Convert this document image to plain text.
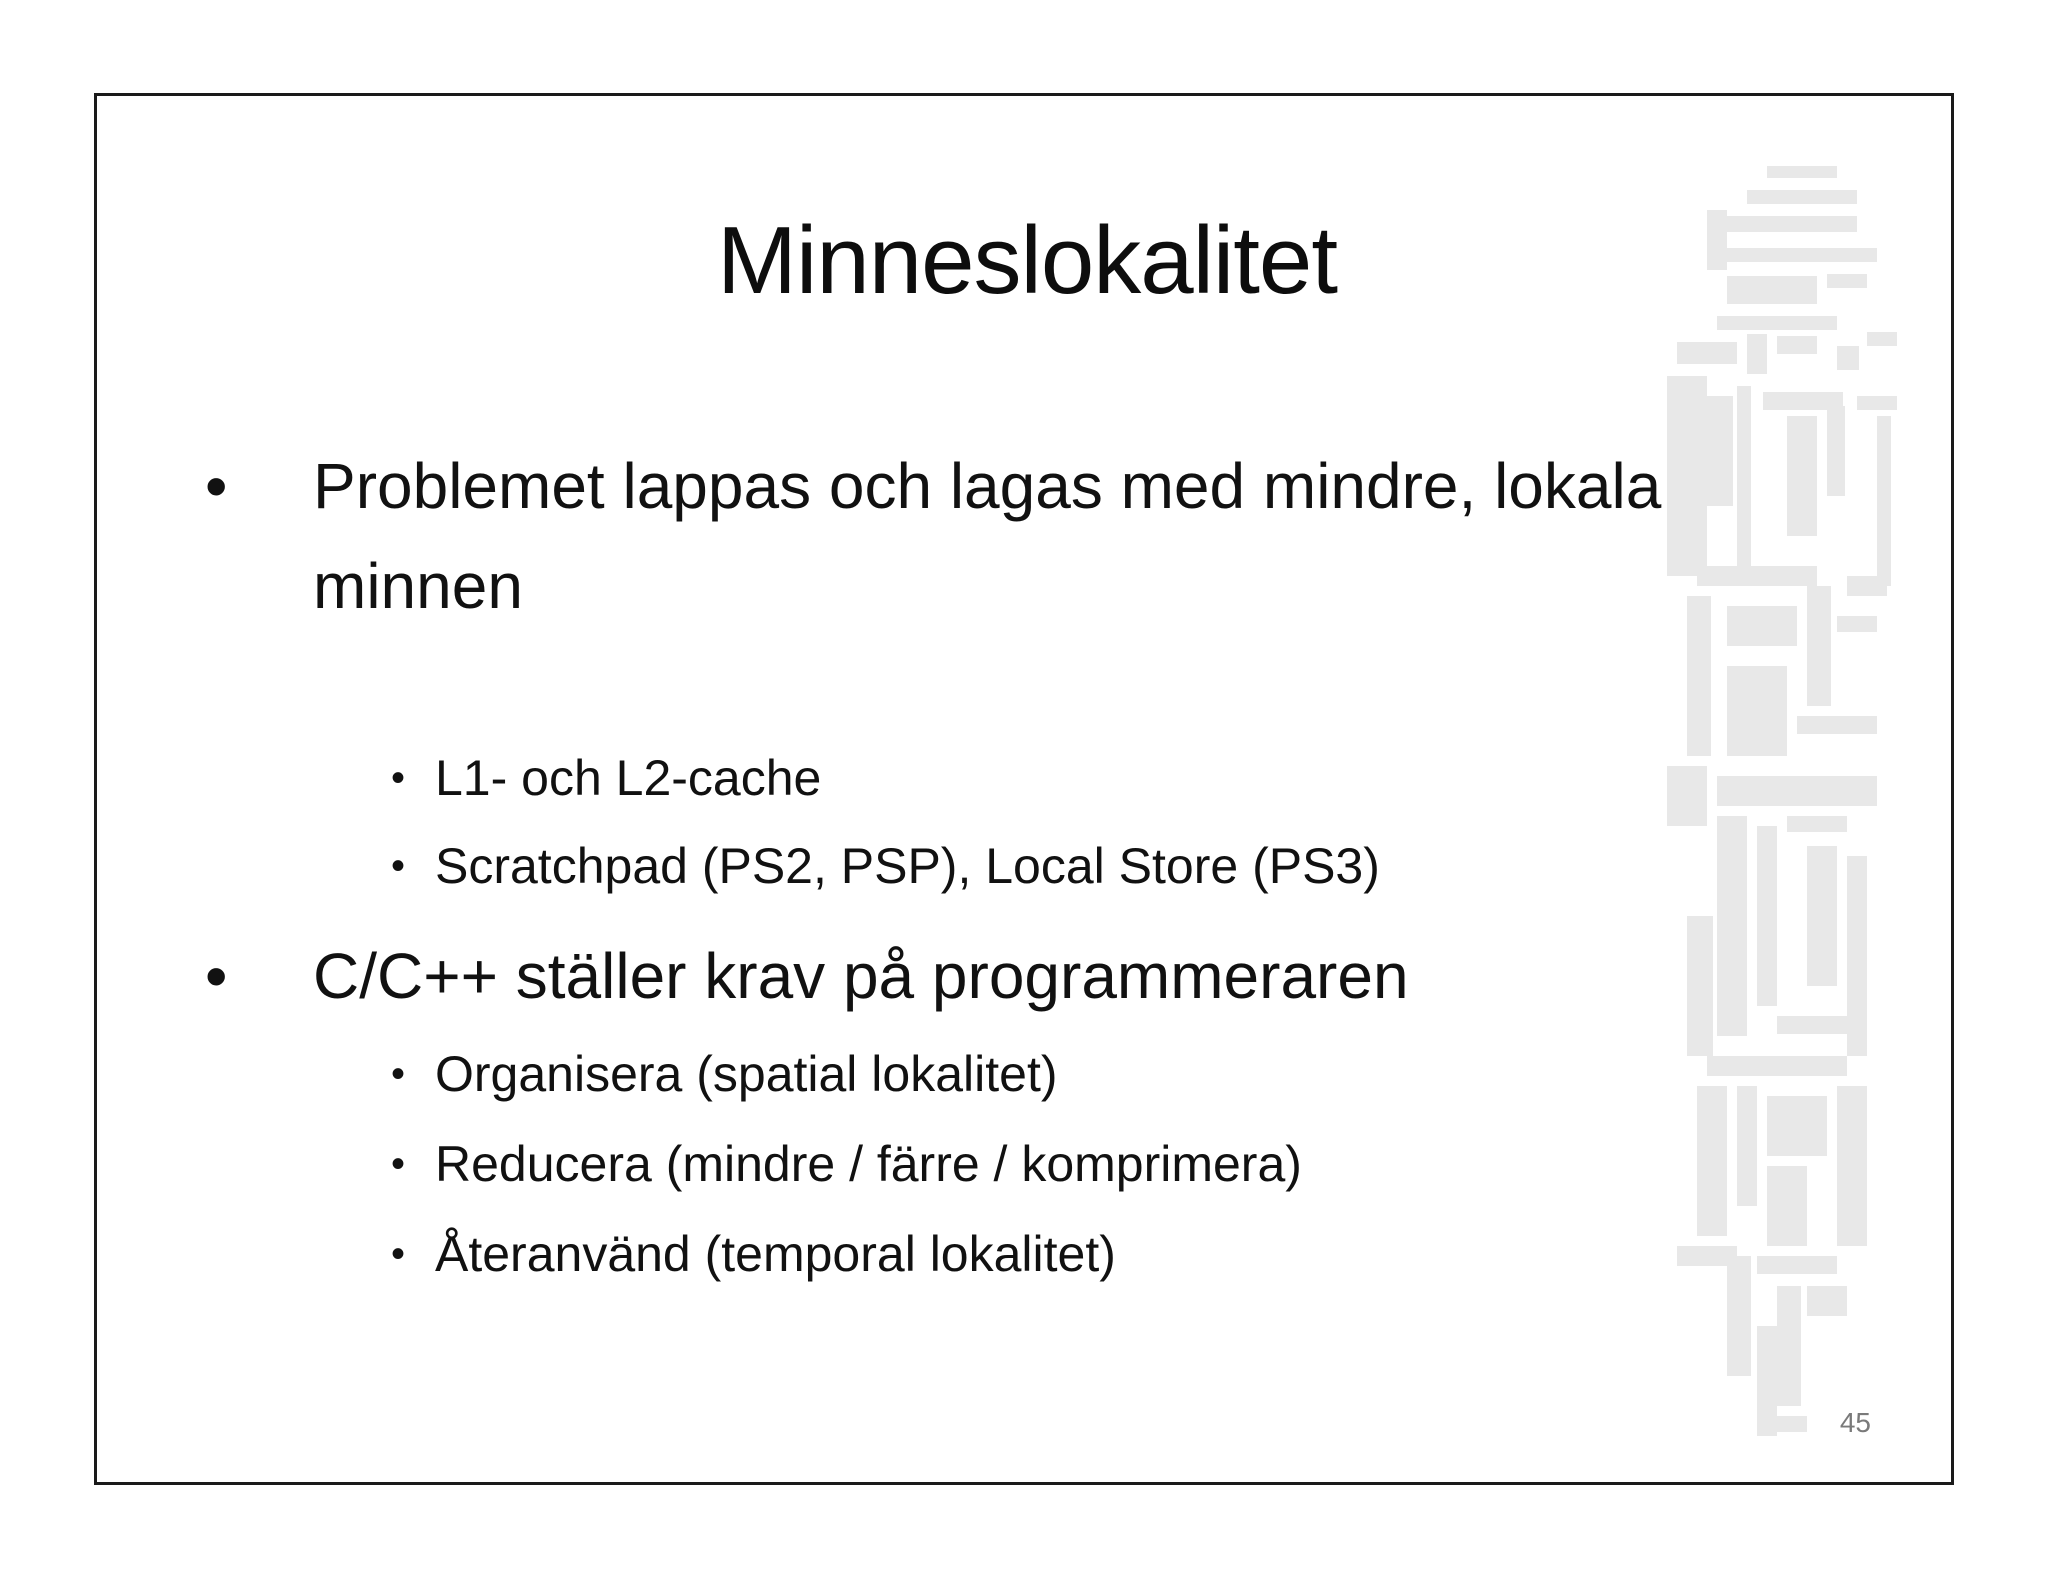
Minneslokalitet
•	Problemet lappas och lagas med mindre, lokala minnen
• L1- och L2-cache
• Scratchpad (PS2, PSP), Local Store (PS3)
•	C/C++ ställer krav på programmeraren
• Organisera (spatial lokalitet)
• Reducera (mindre / färre / komprimera)
• Återanvänd (temporal lokalitet)
45
